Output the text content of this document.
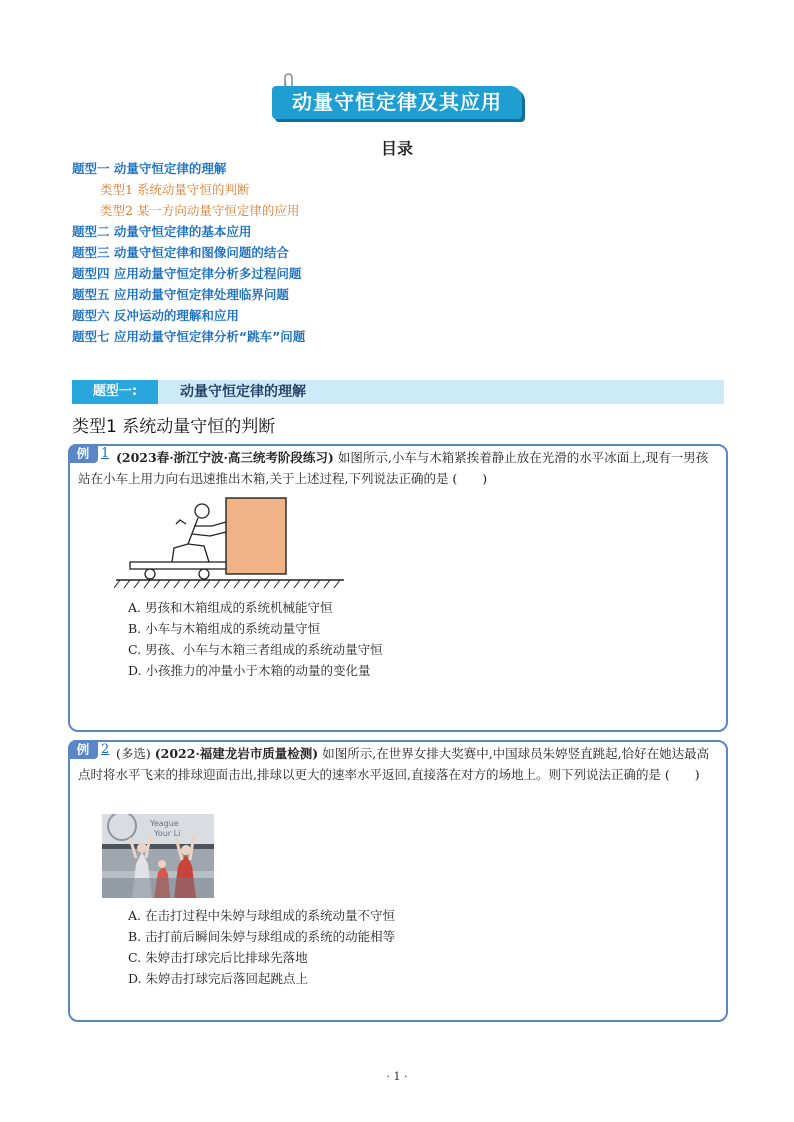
动量守恒定律及其应用
目录
题型一 动量守恒定律的理解
类型1 系统动量守恒的判断
类型2 某一方向动量守恒定律的应用
题型二 动量守恒定律的基本应用
题型三 动量守恒定律和图像问题的结合
题型四 应用动量守恒定律分析多过程问题
题型五 应用动量守恒定律处理临界问题
题型六 反冲运动的理解和应用
题型七 应用动量守恒定律分析“跳车”问题
题型一:	动量守恒定律的理解
类型1 系统动量守恒的判断
例 1 (2023春·浙江宁波·高三统考阶段练习) 如图所示,小车与木箱紧挨着静止放在光滑的水平冰面上,现有一男孩站在小车上用力向右迅速推出木箱,关于上述过程,下列说法正确的是 (　　)
A. 男孩和木箱组成的系统机械能守恒
B. 小车与木箱组成的系统动量守恒
C. 男孩、小车与木箱三者组成的系统动量守恒
D. 小孩推力的冲量小于木箱的动量的变化量
例 2 (多选) (2022·福建龙岩市质量检测) 如图所示,在世界女排大奖赛中,中国球员朱婷竖直跳起,恰好在她达最高点时将水平飞来的排球迎面击出,排球以更大的速率水平返回,直接落在对方的场地上。则下列说法正确的是 (　　)
Yeague
Your Li
A. 在击打过程中朱婷与球组成的系统动量不守恒
B. 击打前后瞬间朱婷与球组成的系统的动能相等
C. 朱婷击打球完后比排球先落地
D. 朱婷击打球完后落回起跳点上
· 1 ·
